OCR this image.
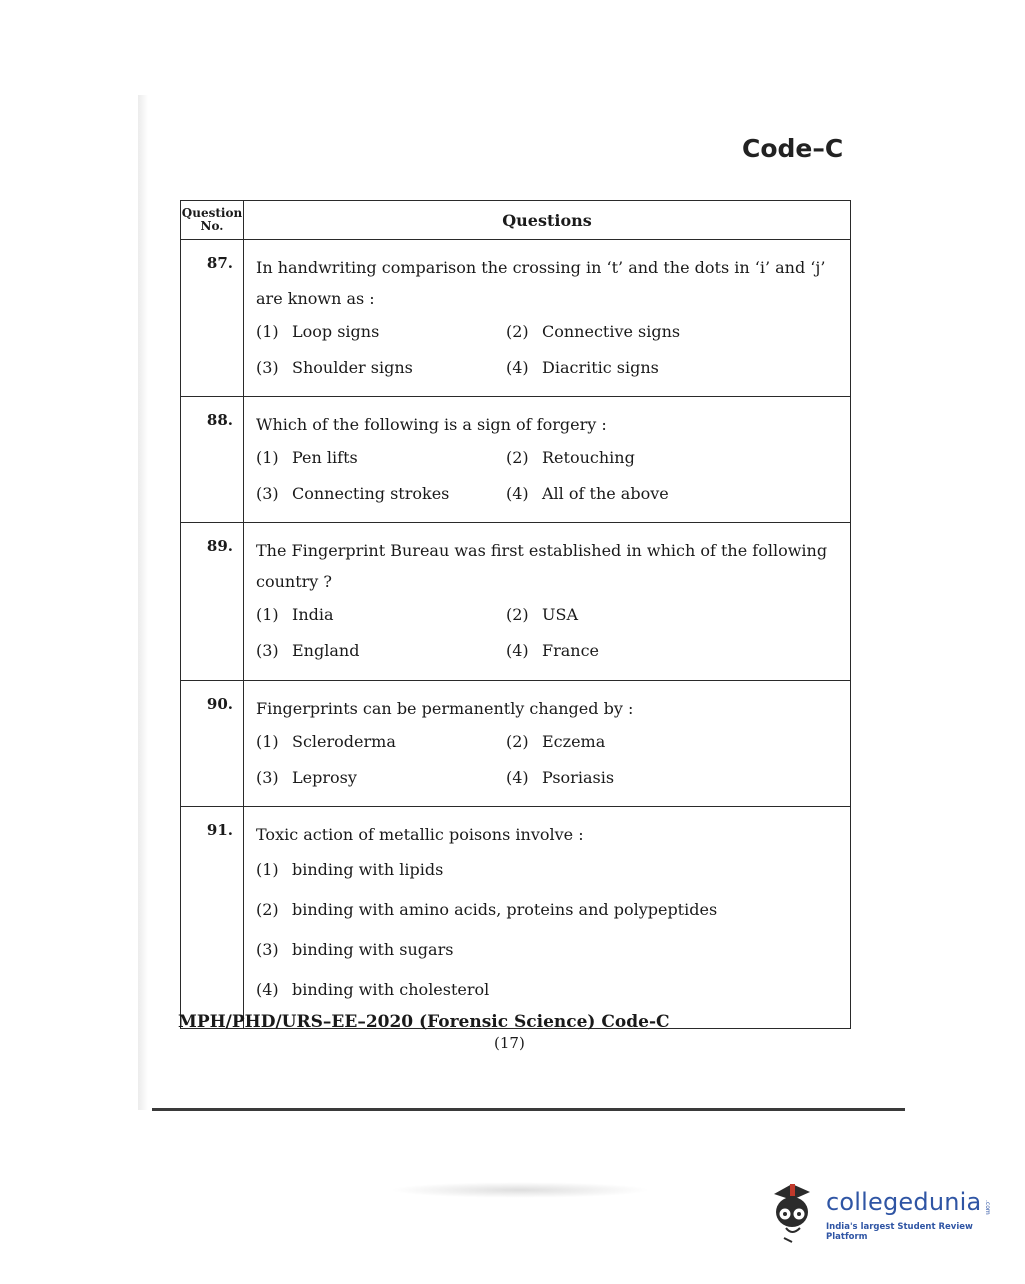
Code–C
Question
No.	Questions
87.	In handwriting comparison the crossing in ‘t’ and the dots in ‘i’ and ‘j’ are known as :
(1) Loop signs (2) Connective signs
(3) Shoulder signs (4) Diacritic signs

88.	Which of the following is a sign of forgery :
(1) Pen lifts (2) Retouching
(3) Connecting strokes (4) All of the above

89.	The Fingerprint Bureau was first established in which of the following country ?
(1) India (2) USA
(3) England (4) France

90.	Fingerprints can be permanently changed by :
(1) Scleroderma (2) Eczema
(3) Leprosy (4) Psoriasis

91.	Toxic action of metallic poisons involve :
(1) binding with lipids
(2) binding with amino acids, proteins and polypeptides
(3) binding with sugars
(4) binding with cholesterol
MPH/PHD/URS–EE–2020 (Forensic Science) Code-C
(17)
collegedunia .com
India's largest Student Review Platform
